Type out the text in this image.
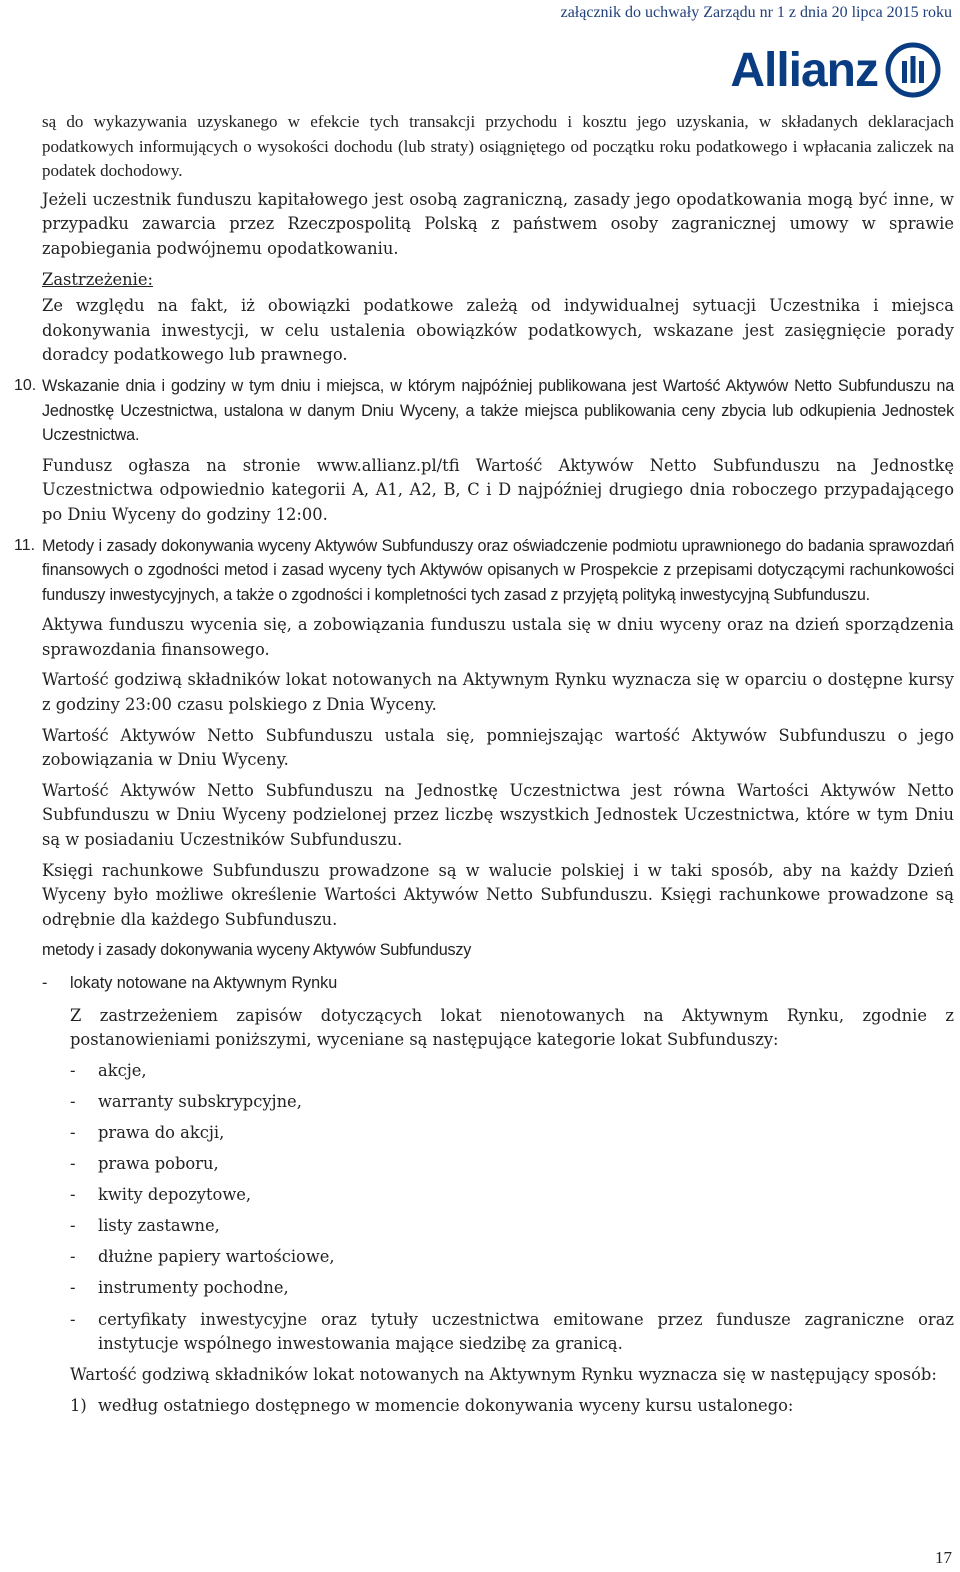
załącznik do uchwały Zarządu nr 1 z dnia 20 lipca 2015 roku
Allianz

są do wykazywania uzyskanego w efekcie tych transakcji przychodu i kosztu jego uzyskania, w składanych deklaracjach podatkowych informujących o wysokości dochodu (lub straty) osiągniętego od początku roku podatkowego i wpłacania zaliczek na podatek dochodowy.

Jeżeli uczestnik funduszu kapitałowego jest osobą zagraniczną, zasady jego opodatkowania mogą być inne, w przypadku zawarcia przez Rzeczpospolitą Polską z państwem osoby zagranicznej umowy w sprawie zapobiegania podwójnemu opodatkowaniu.

Zastrzeżenie:

Ze względu na fakt, iż obowiązki podatkowe zależą od indywidualnej sytuacji Uczestnika i miejsca dokonywania inwestycji, w celu ustalenia obowiązków podatkowych, wskazane jest zasięgnięcie porady doradcy podatkowego lub prawnego.

10. Wskazanie dnia i godziny w tym dniu i miejsca, w którym najpóźniej publikowana jest Wartość Aktywów Netto Subfunduszu na Jednostkę Uczestnictwa, ustalona w danym Dniu Wyceny, a także miejsca publikowania ceny zbycia lub odkupienia Jednostek Uczestnictwa.

Fundusz ogłasza na stronie www.allianz.pl/tfi Wartość Aktywów Netto Subfunduszu na Jednostkę Uczestnictwa odpowiednio kategorii A, A1, A2, B, C i D najpóźniej drugiego dnia roboczego przypadającego po Dniu Wyceny do godziny 12:00.

11. Metody i zasady dokonywania wyceny Aktywów Subfunduszy oraz oświadczenie podmiotu uprawnionego do badania sprawozdań finansowych o zgodności metod i zasad wyceny tych Aktywów opisanych w Prospekcie z przepisami dotyczącymi rachunkowości funduszy inwestycyjnych, a także o zgodności i kompletności tych zasad z przyjętą polityką inwestycyjną Subfunduszu.

Aktywa funduszu wycenia się, a zobowiązania funduszu ustala się w dniu wyceny oraz na dzień sporządzenia sprawozdania finansowego.

Wartość godziwą składników lokat notowanych na Aktywnym Rynku wyznacza się w oparciu o dostępne kursy z godziny 23:00 czasu polskiego z Dnia Wyceny.

Wartość Aktywów Netto Subfunduszu ustala się, pomniejszając wartość Aktywów Subfunduszu o jego zobowiązania w Dniu Wyceny.

Wartość Aktywów Netto Subfunduszu na Jednostkę Uczestnictwa jest równa Wartości Aktywów Netto Subfunduszu w Dniu Wyceny podzielonej przez liczbę wszystkich Jednostek Uczestnictwa, które w tym Dniu są w posiadaniu Uczestników Subfunduszu.

Księgi rachunkowe Subfunduszu prowadzone są w walucie polskiej i w taki sposób, aby na każdy Dzień Wyceny było możliwe określenie Wartości Aktywów Netto Subfunduszu. Księgi rachunkowe prowadzone są odrębnie dla każdego Subfunduszu.

metody i zasady dokonywania wyceny Aktywów Subfunduszy

-	lokaty notowane na Aktywnym Rynku

Z zastrzeżeniem zapisów dotyczących lokat nienotowanych na Aktywnym Rynku, zgodnie z postanowieniami poniższymi, wyceniane są następujące kategorie lokat Subfunduszy:

-	akcje,
-	warranty subskrypcyjne,
-	prawa do akcji,
-	prawa poboru,
-	kwity depozytowe,
-	listy zastawne,
-	dłużne papiery wartościowe,
-	instrumenty pochodne,
-	certyfikaty inwestycyjne oraz tytuły uczestnictwa emitowane przez fundusze zagraniczne oraz instytucje wspólnego inwestowania mające siedzibę za granicą.

Wartość godziwą składników lokat notowanych na Aktywnym Rynku wyznacza się w następujący sposób:

1) według ostatniego dostępnego w momencie dokonywania wyceny kursu ustalonego:
17
